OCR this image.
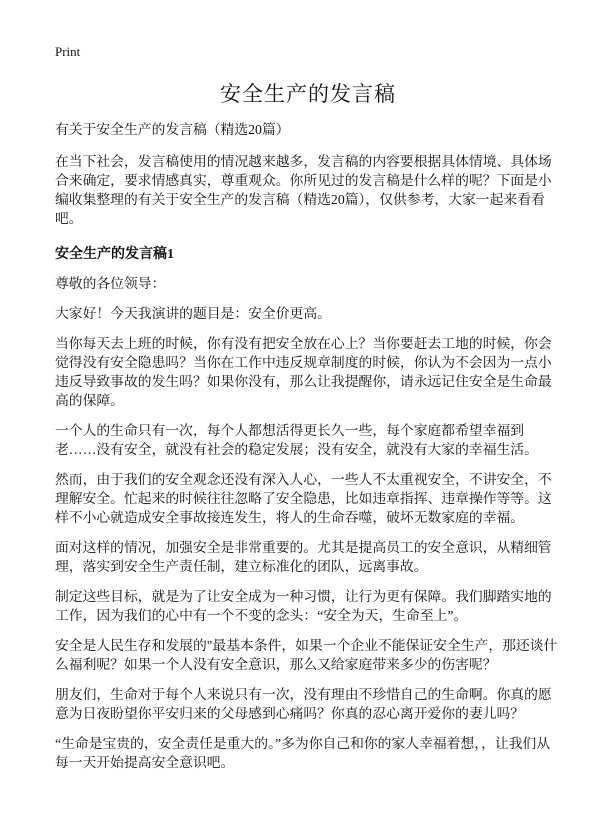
Print
安全生产的发言稿

有关于安全生产的发言稿（精选20篇）

在当下社会，发言稿使用的情况越来越多，发言稿的内容要根据具体情境、具体场合来确定，要求情感真实，尊重观众。你所见过的发言稿是什么样的呢？下面是小编收集整理的有关于安全生产的发言稿（精选20篇），仅供参考，大家一起来看看吧。

安全生产的发言稿1

尊敬的各位领导：

大家好！今天我演讲的题目是：安全价更高。

当你每天去上班的时候，你有没有把安全放在心上？当你要赶去工地的时候，你会觉得没有安全隐患吗？当你在工作中违反规章制度的时候，你认为不会因为一点小违反导致事故的发生吗？如果你没有，那么让我提醒你，请永远记住安全是生命最高的保障。

一个人的生命只有一次，每个人都想活得更长久一些，每个家庭都希望幸福到老……没有安全，就没有社会的稳定发展；没有安全，就没有大家的幸福生活。

然而，由于我们的安全观念还没有深入人心，一些人不太重视安全，不讲安全，不理解安全。忙起来的时候往往忽略了安全隐患，比如违章指挥、违章操作等等。这样不小心就造成安全事故接连发生，将人的生命吞噬，破坏无数家庭的幸福。

面对这样的情况，加强安全是非常重要的。尤其是提高员工的安全意识，从精细管理，落实到安全生产责任制，建立标准化的团队，远离事故。

制定这些目标，就是为了让安全成为一种习惯，让行为更有保障。我们脚踏实地的工作，因为我们的心中有一个不变的念头：“安全为天，生命至上”。

安全是人民生存和发展的"最基本条件，如果一个企业不能保证安全生产，那还谈什么福利呢？如果一个人没有安全意识，那么又给家庭带来多少的伤害呢？

朋友们，生命对于每个人来说只有一次，没有理由不珍惜自己的生命啊。你真的愿意为日夜盼望你平安归来的父母感到心痛吗？你真的忍心离开爱你的妻儿吗？

“生命是宝贵的，安全责任是重大的。”多为你自己和你的家人幸福着想，，让我们从每一天开始提高安全意识吧。
